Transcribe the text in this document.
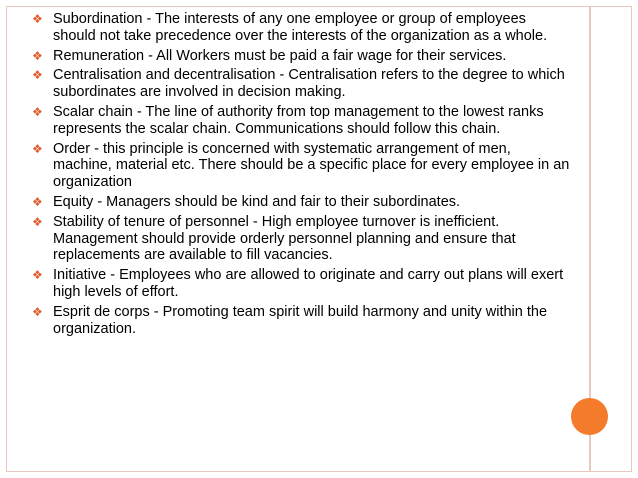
❖ Subordination - The interests of any one employee or group of employees should not take precedence over the interests of the organization as a whole.
❖ Remuneration - All Workers must be paid a fair wage for their services.
❖ Centralisation and decentralisation - Centralisation refers to the degree to which subordinates are involved in decision making.
❖ Scalar chain - The line of authority from top management to the lowest ranks represents the scalar chain. Communications should follow this chain.
❖ Order - this principle is concerned with systematic arrangement of men, machine, material etc. There should be a specific place for every employee in an organization
❖ Equity - Managers should be kind and fair to their subordinates.
❖ Stability of tenure of personnel - High employee turnover is inefficient. Management should provide orderly personnel planning and ensure that replacements are available to fill vacancies.
❖ Initiative - Employees who are allowed to originate and carry out plans will exert high levels of effort.
❖ Esprit de corps - Promoting team spirit will build harmony and unity within the organization.
